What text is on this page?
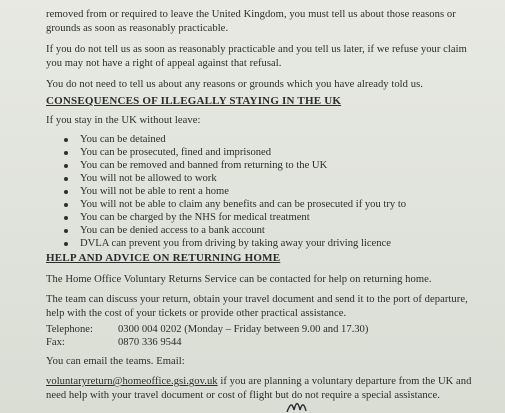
removed from or required to leave the United Kingdom, you must tell us about those reasons or
grounds as soon as reasonably practicable.
If you do not tell us as soon as reasonably practicable and you tell us later, if we refuse your claim
you may not have a right of appeal against that refusal.
You do not need to tell us about any reasons or grounds which you have already told us.
CONSEQUENCES OF ILLEGALLY STAYING IN THE UK
If you stay in the UK without leave:
You can be detained
You can be prosecuted, fined and imprisoned
You can be removed and banned from returning to the UK
You will not be allowed to work
You will not be able to rent a home
You will not be able to claim any benefits and can be prosecuted if you try to
You can be charged by the NHS for medical treatment
You can be denied access to a bank account
DVLA can prevent you from driving by taking away your driving licence
HELP AND ADVICE ON RETURNING HOME
The Home Office Voluntary Returns Service can be contacted for help on returning home.
The team can discuss your return, obtain your travel document and send it to the port of departure,
help with the cost of your tickets or provide other practical assistance.
Telephone: 0300 004 0202 (Monday – Friday between 9.00 and 17.30)
Fax:	0870 336 9544
You can email the teams. Email:
voluntaryreturn@homeoffice.gsi.gov.uk if you are planning a voluntary departure from the UK and
need help with your travel document or cost of flight but do not require a special assistance.
